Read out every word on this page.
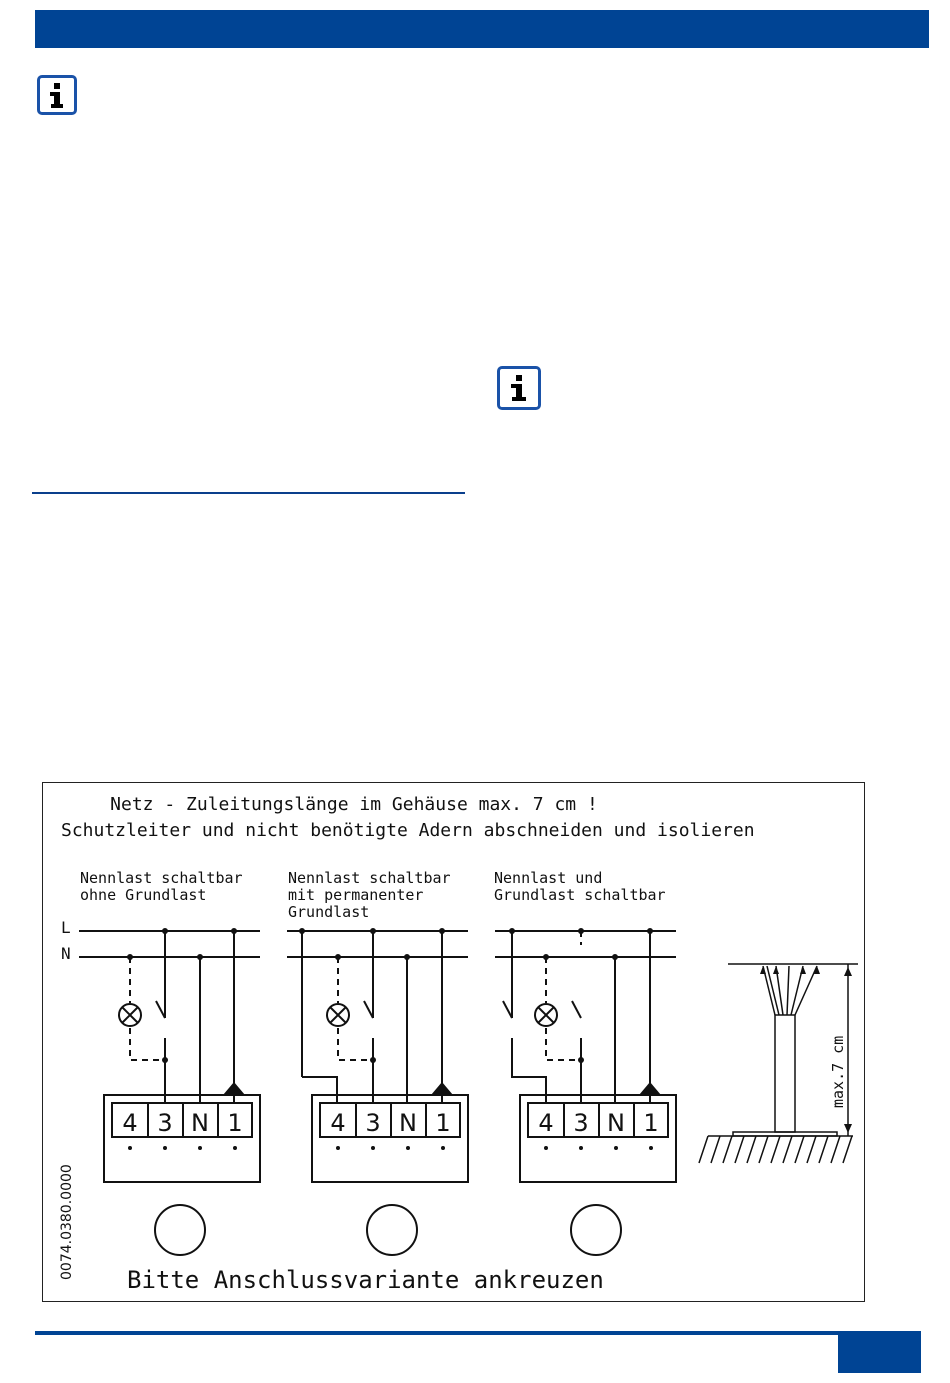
Netz - Zuleitungslänge im Gehäuse max. 7 cm !
Schutzleiter und nicht benötigte Adern abschneiden und isolieren
Nennlast schaltbar
ohne Grundlast
Nennlast schaltbar
mit permanenter
Grundlast
Nennlast und
Grundlast schaltbar
L
N
4 3 N 1	4 3 N 1	4 3 N 1
max.7 cm
0074.0380.0000 Bitte Anschlussvariante ankreuzen
